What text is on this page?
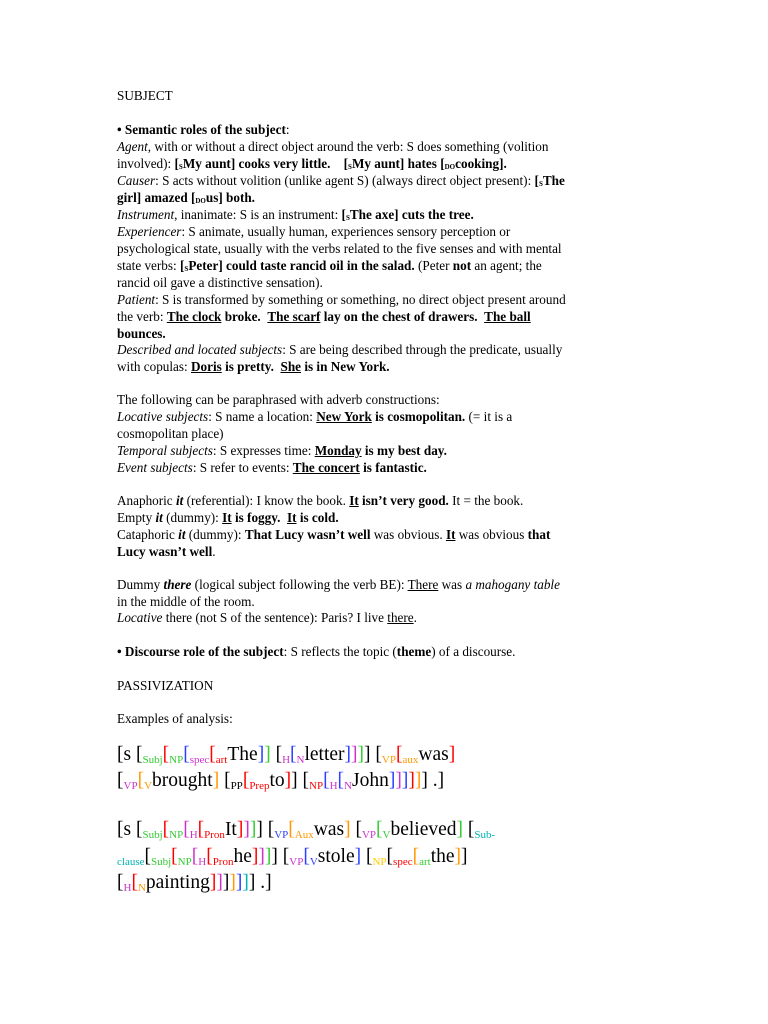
SUBJECT
• Semantic roles of the subject:
Agent, with or without a direct object around the verb: S does something (volition
involved): [SMy aunt] cooks very little. [SMy aunt] hates [DOcooking].
Causer: S acts without volition (unlike agent S) (always direct object present): [SThe
girl] amazed [DOus] both.
Instrument, inanimate: S is an instrument: [SThe axe] cuts the tree.
Experiencer: S animate, usually human, experiences sensory perception or
psychological state, usually with the verbs related to the five senses and with mental
state verbs: [SPeter] could taste rancid oil in the salad. (Peter not an agent; the
rancid oil gave a distinctive sensation).
Patient: S is transformed by something or something, no direct object present around
the verb: The clock broke. The scarf lay on the chest of drawers. The ball
bounces.
Described and located subjects: S are being described through the predicate, usually
with copulas: Doris is pretty. She is in New York.
The following can be paraphrased with adverb constructions:
Locative subjects: S name a location: New York is cosmopolitan. (= it is a
cosmopolitan place)
Temporal subjects: S expresses time: Monday is my best day.
Event subjects: S refer to events: The concert is fantastic.
Anaphoric it (referential): I know the book. It isn’t very good. It = the book.
Empty it (dummy): It is foggy. It is cold.
Cataphoric it (dummy): That Lucy wasn’t well was obvious. It was obvious that
Lucy wasn’t well.
Dummy there (logical subject following the verb BE): There was a mahogany table
in the middle of the room.
Locative there (not S of the sentence): Paris? I live there.
• Discourse role of the subject: S reflects the topic (theme) of a discourse.
PASSIVIZATION
Examples of analysis:
[s [Subj[NP[spec[artThe]] [H[Nletter]]]] [VP[auxwas]
[VP[Vbrought] [PP[Prepto]] [NP[H[NJohn]]]]]] .]
[s [Subj[NP[H[PronIt]]]] [VP[Auxwas] [VP[Vbelieved] [Sub-
clause[Subj[NP[H[Pronhe]]]] [VP[Vstole] [NP[spec[artthe]]
[H[Npainting]]]]]]] .]
